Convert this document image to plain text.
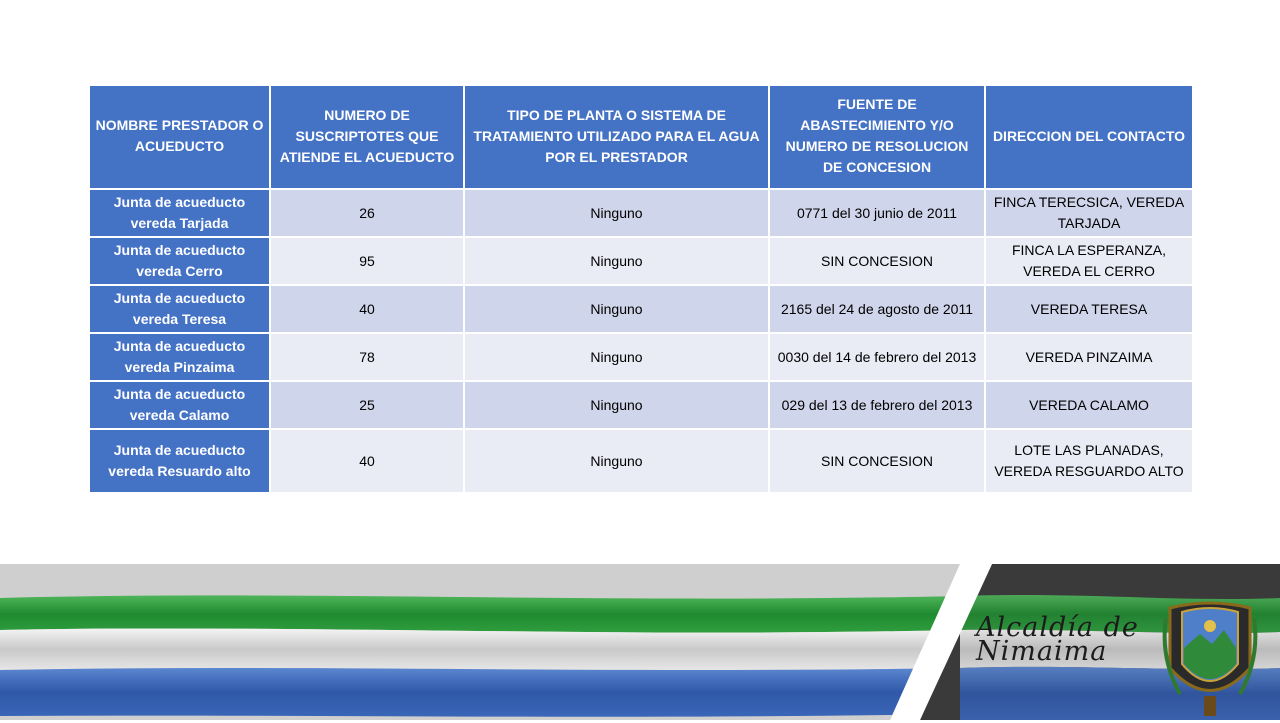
NOMBRE PRESTADOR O ACUEDUCTO	NUMERO DE SUSCRIPTOTES QUE ATIENDE EL ACUEDUCTO	TIPO DE PLANTA O SISTEMA DE TRATAMIENTO UTILIZADO PARA EL AGUA POR EL PRESTADOR	FUENTE DE ABASTECIMIENTO Y/O NUMERO DE RESOLUCION DE CONCESION	DIRECCION DEL CONTACTO
Junta de acueducto vereda Tarjada	26	Ninguno	0771 del 30 junio de 2011	FINCA TERECSICA, VEREDA TARJADA
Junta de acueducto vereda Cerro	95	Ninguno	SIN CONCESION	FINCA LA ESPERANZA, VEREDA EL CERRO
Junta de acueducto vereda Teresa	40	Ninguno	2165 del 24 de agosto de 2011	VEREDA TERESA
Junta de acueducto vereda Pinzaima	78	Ninguno	0030 del 14 de febrero del 2013	VEREDA PINZAIMA
Junta de acueducto vereda Calamo	25	Ninguno	029 del 13 de febrero del 2013	VEREDA CALAMO
Junta de acueducto vereda Resuardo alto	40	Ninguno	SIN CONCESION	LOTE LAS PLANADAS, VEREDA RESGUARDO ALTO
Alcaldía de
Nimaima
